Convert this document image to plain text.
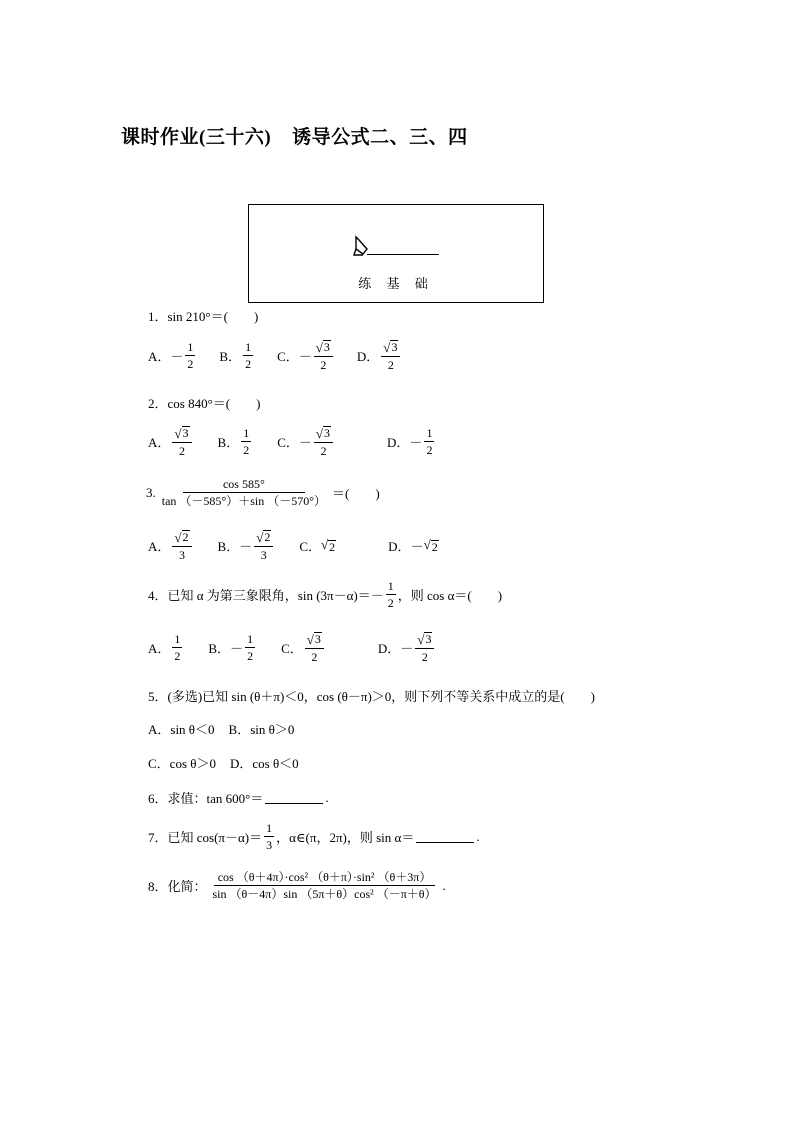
课时作业(三十六)    诱导公式二、三、四
练 基 础
1．sin 210°＝(　　)
A． － $\frac{1}{2}$ B． $\frac{1}{2}$ C． － $\frac{√ 3}{2}$ D． $\frac{√ 3}{2}$
2．cos 840°＝(　　)
A． $\frac{√ 3}{2}$ B． $\frac{1}{2}$ C． － $\frac{√ 3}{2}$	D． － $\frac{1}{2}$
3. $\frac{\cos 585^\circ}{\tan (-585^\circ)+\sin (-570^\circ)}$ ＝(　　)
A． $\frac{√ 2}{3}$ B． － $\frac{√ 2}{3}$ C． √ 2	D． － √ 2
4．已知 α 为第三象限角，$\sin (3\pi-\alpha)=- \frac{1}{2}$ ，则 cos α＝(　　)
A． $\frac{1}{2}$ B． － $\frac{1}{2}$ C． $\frac{√ 3}{2}$	D． － $\frac{√ 3}{2}$
5．(多选)已知 sin (θ＋π)＜0，cos (θ－π)＞0，则下列不等关系中成立的是(　　)
A．sin θ＜0 B．sin θ＞0
C．cos θ＞0 D．cos θ＜0
6．求值：tan 600°＝	.
7．已知 $\cos(\pi-\alpha)= \frac{1}{3}$ ，α∈(π，2π)，则 sin α＝	.
8．化简： $\frac{\text{cos （θ＋4π）·cos² （θ＋π）·sin² （θ＋3π）}}{\text{sin （θ－4π）sin （5π＋θ）cos² （－π＋θ）}}$ .
